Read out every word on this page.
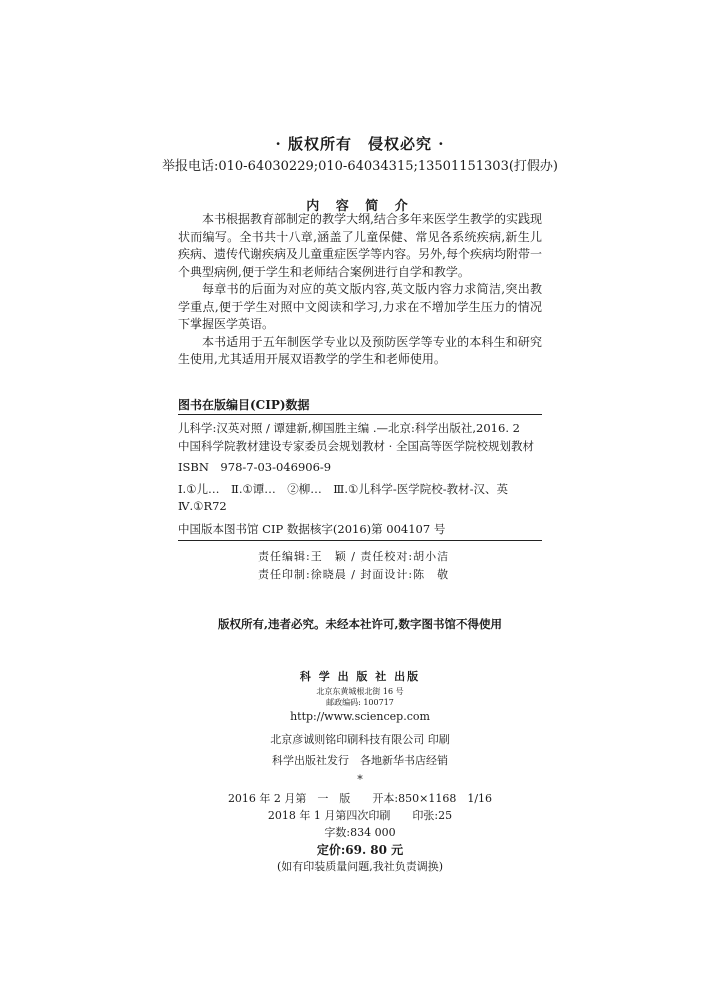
· 版权所有　侵权必究 ·
举报电话:010-64030229;010-64034315;13501151303(打假办)
内 容 简 介

本书根据教育部制定的教学大纲,结合多年来医学生教学的实践现状而编写。全书共十八章,涵盖了儿童保健、常见各系统疾病,新生儿疾病、遗传代谢疾病及儿童重症医学等内容。另外,每个疾病均附带一个典型病例,便于学生和老师结合案例进行自学和教学。

每章书的后面为对应的英文版内容,英文版内容力求简洁,突出教学重点,便于学生对照中文阅读和学习,力求在不增加学生压力的情况下掌握医学英语。

本书适用于五年制医学专业以及预防医学等专业的本科生和研究生使用,尤其适用开展双语教学的学生和老师使用。

图书在版编目(CIP)数据
儿科学:汉英对照 / 谭建新,柳国胜主编 .—北京:科学出版社,2016. 2
中国科学院教材建设专家委员会规划教材 · 全国高等医学院校规划教材
ISBN　978-7-03-046906-9
Ⅰ.①儿…　Ⅱ.①谭…　②柳…　Ⅲ.①儿科学-医学院校-教材-汉、英
Ⅳ.①R72
中国版本图书馆 CIP 数据核字(2016)第 004107 号
责任编辑:王　颖 / 责任校对:胡小洁
责任印制:徐晓晨 / 封面设计:陈　敬
版权所有,违者必究。未经本社许可,数字图书馆不得使用
科 学 出 版 社 出版
北京东黄城根北街 16 号
邮政编码: 100717
http://www.sciencep.com
北京彦诚则铭印刷科技有限公司 印刷
科学出版社发行　各地新华书店经销
*
2016 年 2 月第　一　版　　开本:850×1168　1/16
2018 年 1 月第四次印刷　　印张:25
字数:834 000
定价:69. 80 元
(如有印装质量问题,我社负责调换)
